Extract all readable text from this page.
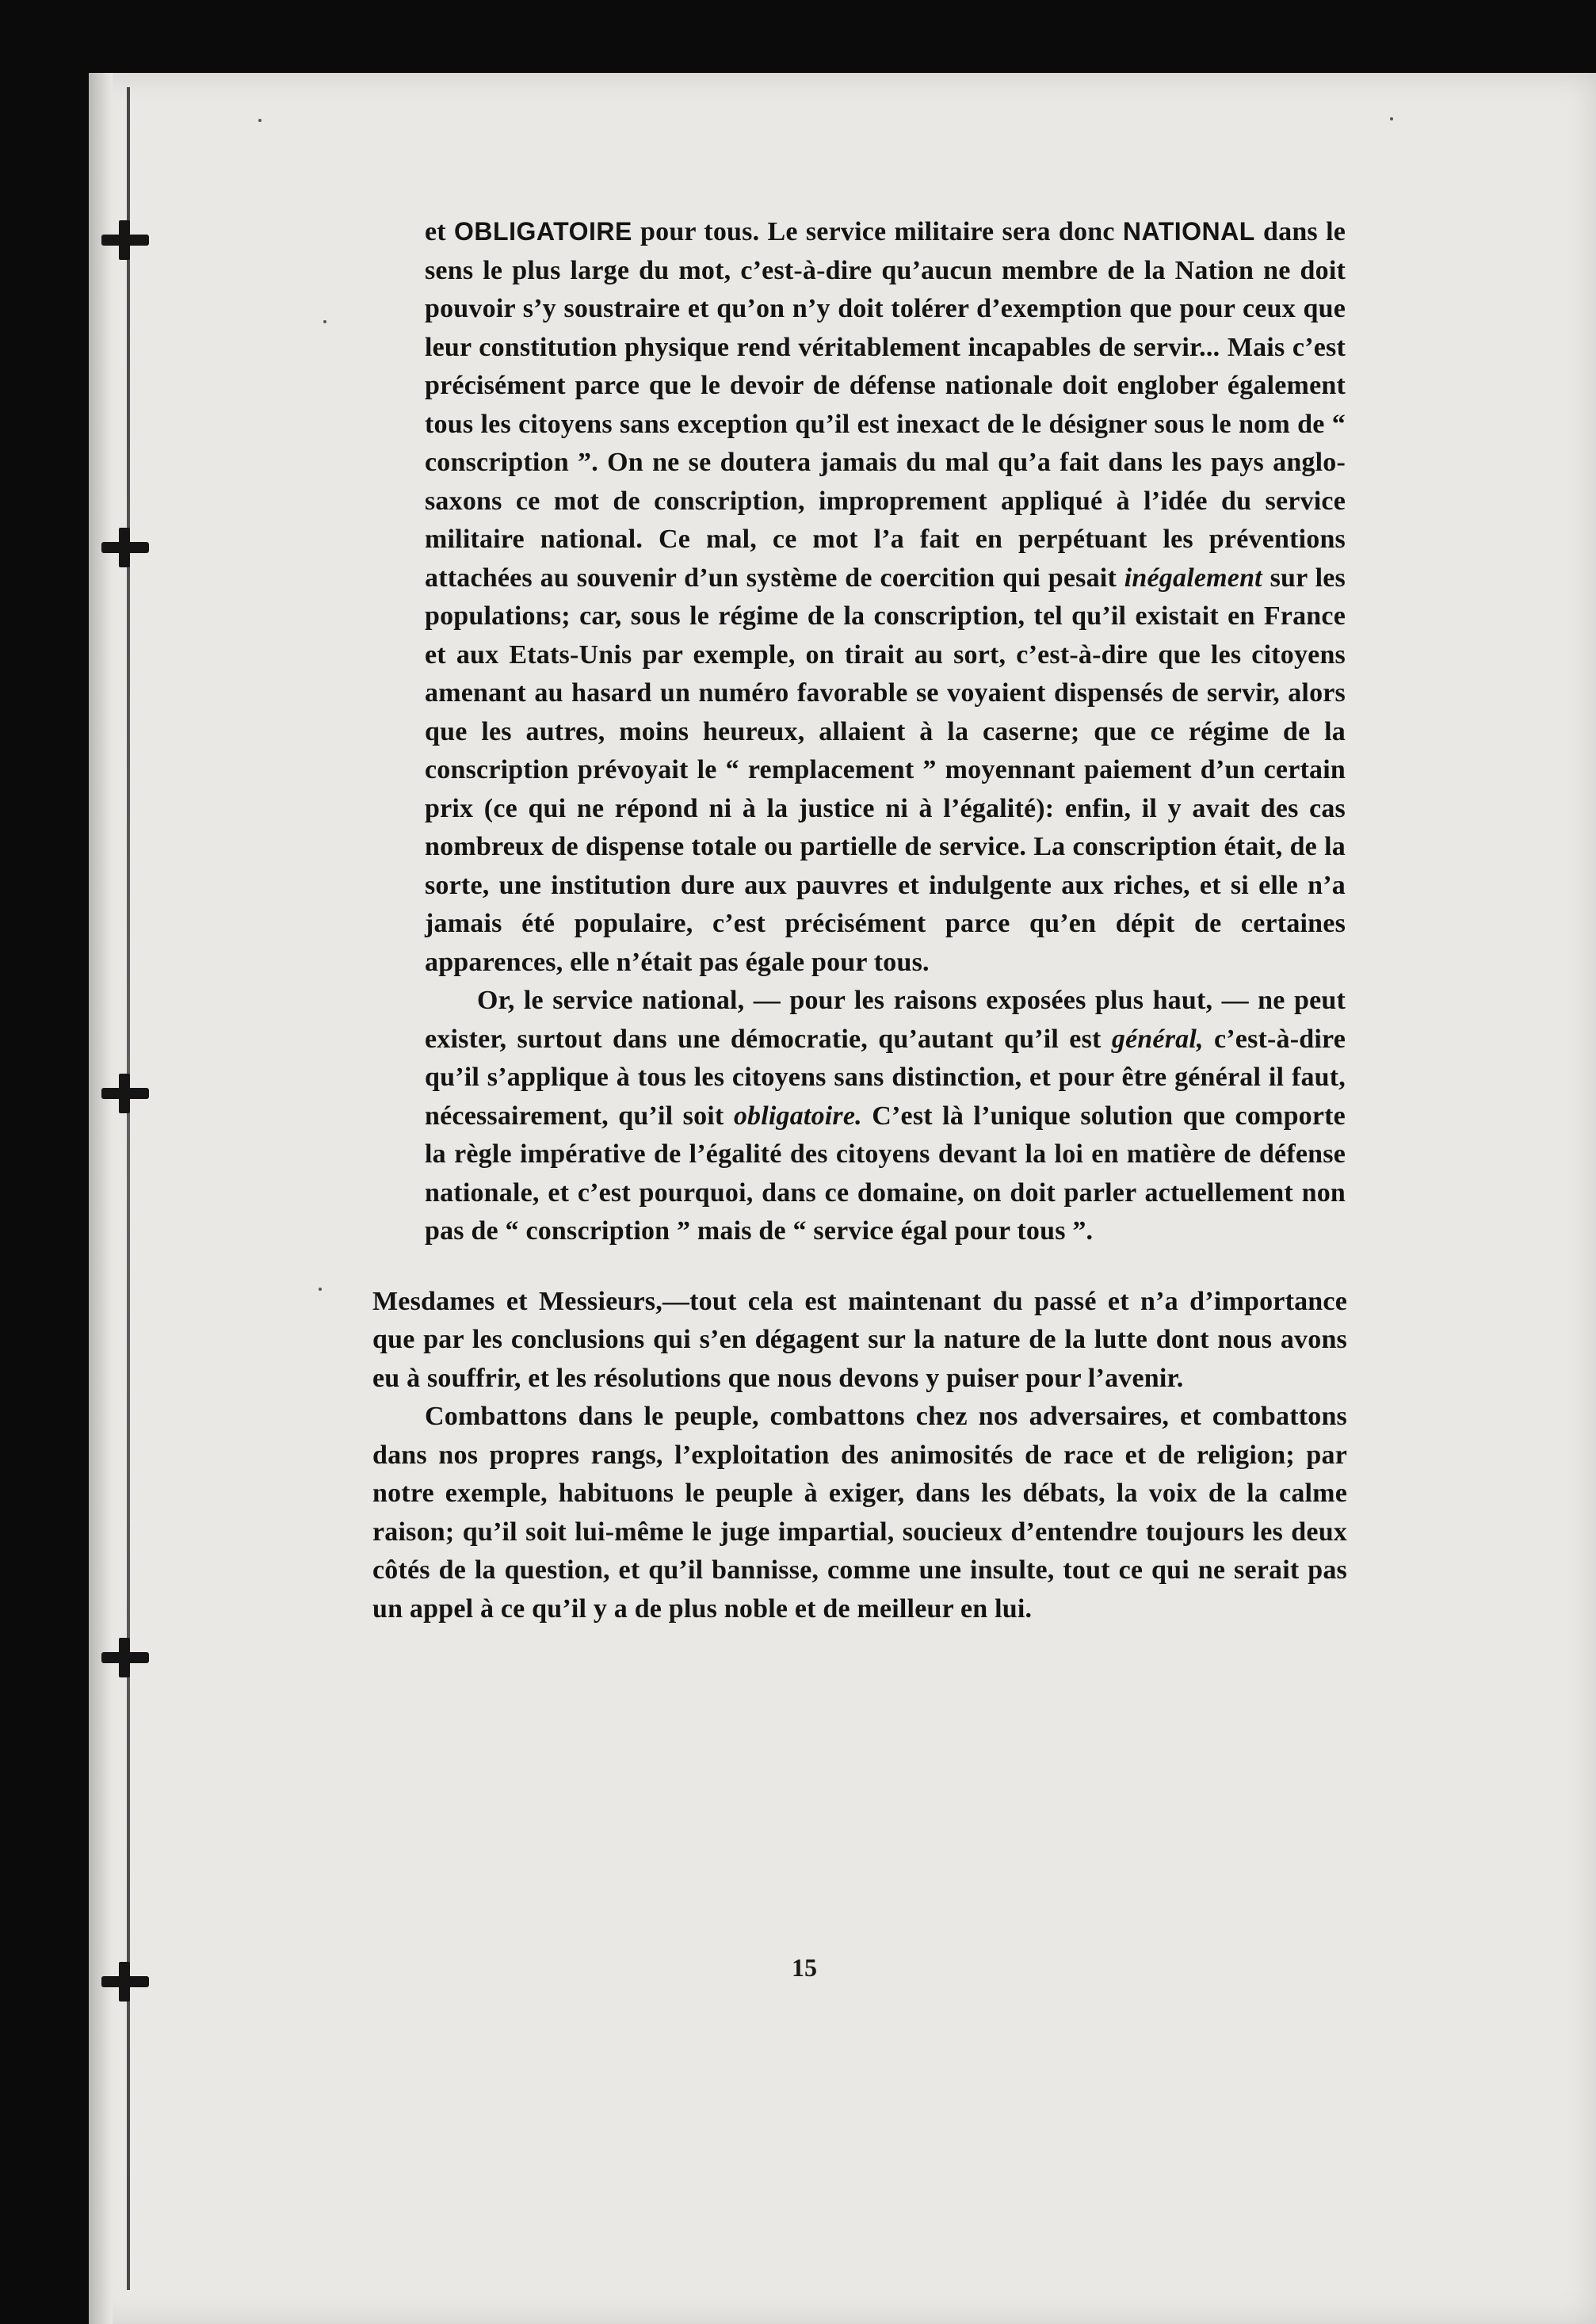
et OBLIGATOIRE pour tous. Le service militaire sera donc NATIONAL dans le sens le plus large du mot, c’est-à-dire qu’aucun membre de la Nation ne doit pouvoir s’y soustraire et qu’on n’y doit tolérer d’exemption que pour ceux que leur constitution physique rend véritablement incapables de servir... Mais c’est précisément parce que le devoir de défense nationale doit englober également tous les citoyens sans exception qu’il est inexact de le désigner sous le nom de “ conscription ”. On ne se doutera jamais du mal qu’a fait dans les pays anglo-saxons ce mot de conscription, improprement appliqué à l’idée du service militaire national. Ce mal, ce mot l’a fait en perpétuant les préventions attachées au souvenir d’un système de coercition qui pesait inégalement sur les populations; car, sous le régime de la conscription, tel qu’il existait en France et aux Etats-Unis par exemple, on tirait au sort, c’est-à-dire que les citoyens amenant au hasard un numéro favorable se voyaient dispensés de servir, alors que les autres, moins heureux, allaient à la caserne; que ce régime de la conscription prévoyait le “ remplacement ” moyennant paiement d’un certain prix (ce qui ne répond ni à la justice ni à l’égalité): enfin, il y avait des cas nombreux de dispense totale ou partielle de service. La conscription était, de la sorte, une institution dure aux pauvres et indulgente aux riches, et si elle n’a jamais été populaire, c’est précisément parce qu’en dépit de certaines apparences, elle n’était pas égale pour tous.

Or, le service national, — pour les raisons exposées plus haut, — ne peut exister, surtout dans une démocratie, qu’autant qu’il est général, c’est-à-dire qu’il s’applique à tous les citoyens sans distinction, et pour être général il faut, nécessairement, qu’il soit obligatoire. C’est là l’unique solution que comporte la règle impérative de l’égalité des citoyens devant la loi en matière de défense nationale, et c’est pourquoi, dans ce domaine, on doit parler actuellement non pas de “ conscription ” mais de “ service égal pour tous ”.

Mesdames et Messieurs,—tout cela est maintenant du passé et n’a d’importance que par les conclusions qui s’en dégagent sur la nature de la lutte dont nous avons eu à souffrir, et les résolutions que nous devons y puiser pour l’avenir.

Combattons dans le peuple, combattons chez nos adversaires, et combattons dans nos propres rangs, l’exploitation des animosités de race et de religion; par notre exemple, habituons le peuple à exiger, dans les débats, la voix de la calme raison; qu’il soit lui-même le juge impartial, soucieux d’entendre toujours les deux côtés de la question, et qu’il bannisse, comme une insulte, tout ce qui ne serait pas un appel à ce qu’il y a de plus noble et de meilleur en lui.

15
